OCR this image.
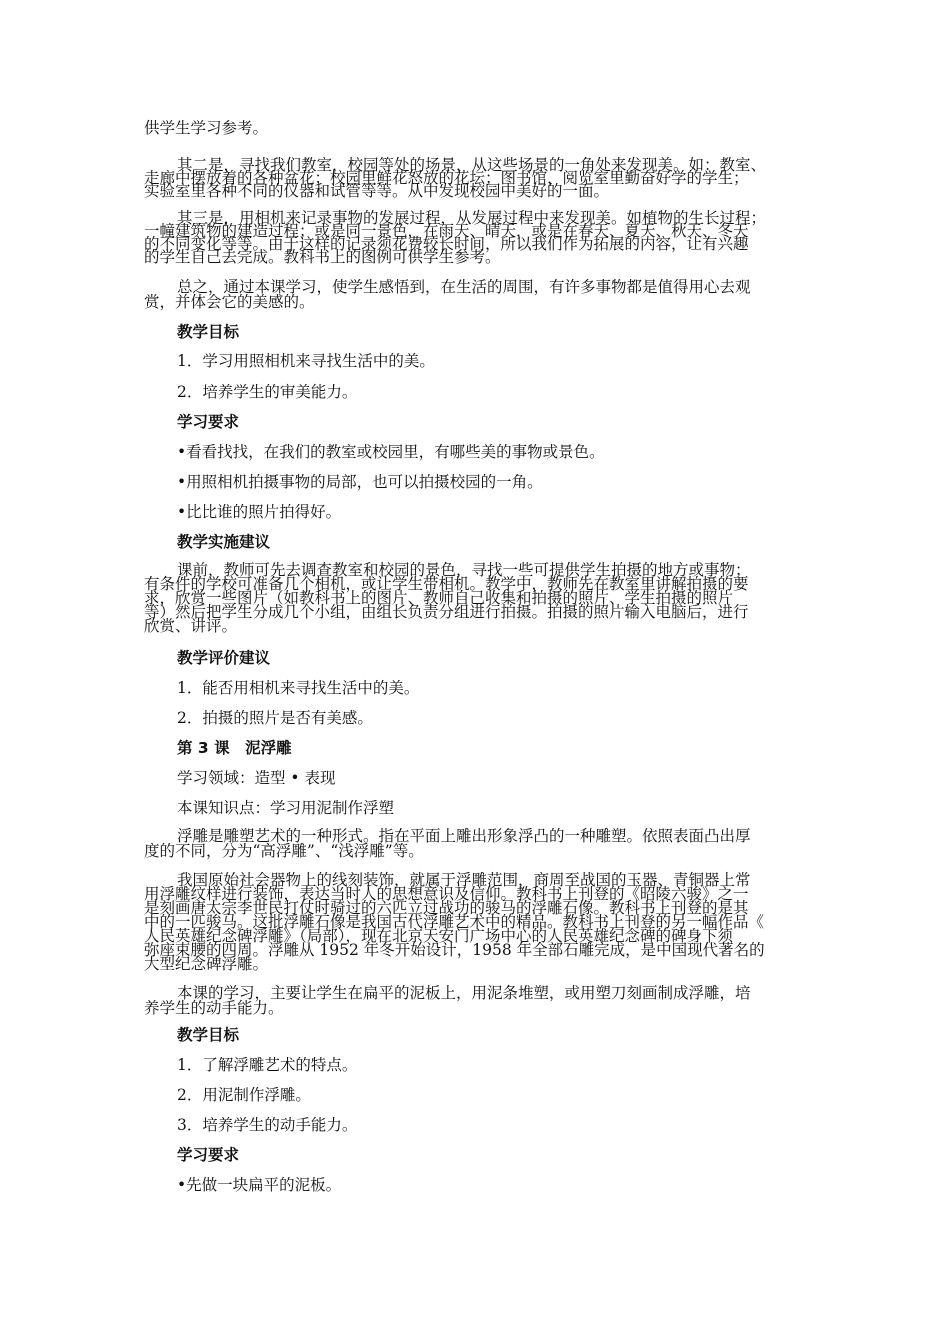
供学生学习参考。
其二是，寻找我们教室，校园等处的场景，从这些场景的一角处来发现美。如：教室、
走廊中摆放着的各种盆花；校园里鲜花怒放的花坛；图书馆，阅览室里勤奋好学的学生；
实验室里各种不同的仪器和试管等等。从中发现校园中美好的一面。
其三是，用相机来记录事物的发展过程，从发展过程中来发现美。如植物的生长过程；
一幢建筑物的建造过程；或是同一景色，在雨天、晴天，或是在春天、夏天、秋天、冬天
的不同变化等等。由于这样的记录须花费较长时间，所以我们作为拓展的内容，让有兴趣
的学生自己去完成。教科书上的图例可供学生参考。
总之，通过本课学习，使学生感悟到，在生活的周围，有许多事物都是值得用心去观
赏，并体会它的美感的。
教学目标
1．学习用照相机来寻找生活中的美。
2．培养学生的审美能力。
学习要求
•看看找找，在我们的教室或校园里，有哪些美的事物或景色。
•用照相机拍摄事物的局部，也可以拍摄校园的一角。
•比比谁的照片拍得好。
教学实施建议
课前，教师可先去调查教室和校园的景色，寻找一些可提供学生拍摄的地方或事物；
有条件的学校可准备几个相机，或让学生带相机。教学中，教师先在教室里讲解拍摄的要
求，欣赏一些图片（如教科书上的图片、教师自己收集和拍摄的照片、学生拍摄的照片
等）然后把学生分成几个小组，由组长负责分组进行拍摄。拍摄的照片输入电脑后，进行
欣赏、讲评。
教学评价建议
1．能否用相机来寻找生活中的美。
2．拍摄的照片是否有美感。
第 3 课　泥浮雕
学习领域：造型 • 表现
本课知识点：学习用泥制作浮塑
浮雕是雕塑艺术的一种形式。指在平面上雕出形象浮凸的一种雕塑。依照表面凸出厚
度的不同，分为“高浮雕”、“浅浮雕”等。
我国原始社会器物上的线刻装饰，就属于浮雕范围，商周至战国的玉器、青铜器上常
用浮雕纹样进行装饰，表达当时人的思想意识及信仰。教科书上刊登的《昭陵六骏》之一
是刻画唐太宗李世民打仗时骑过的六匹立过战功的骏马的浮雕石像。教科书上刊登的是其
中的一匹骏马。这批浮雕石像是我国古代浮雕艺术中的精品。教科书上刊登的另一幅作品《
人民英雄纪念碑浮雕》（局部），现在北京天安门广场中心的人民英雄纪念碑的碑身下须
弥座束腰的四周。浮雕从 1952 年冬开始设计，1958 年全部石雕完成，是中国现代著名的
大型纪念碑浮雕。
本课的学习，主要让学生在扁平的泥板上，用泥条堆塑，或用塑刀刻画制成浮雕，培
养学生的动手能力。
教学目标
1．了解浮雕艺术的特点。
2．用泥制作浮雕。
3．培养学生的动手能力。
学习要求
•先做一块扁平的泥板。
